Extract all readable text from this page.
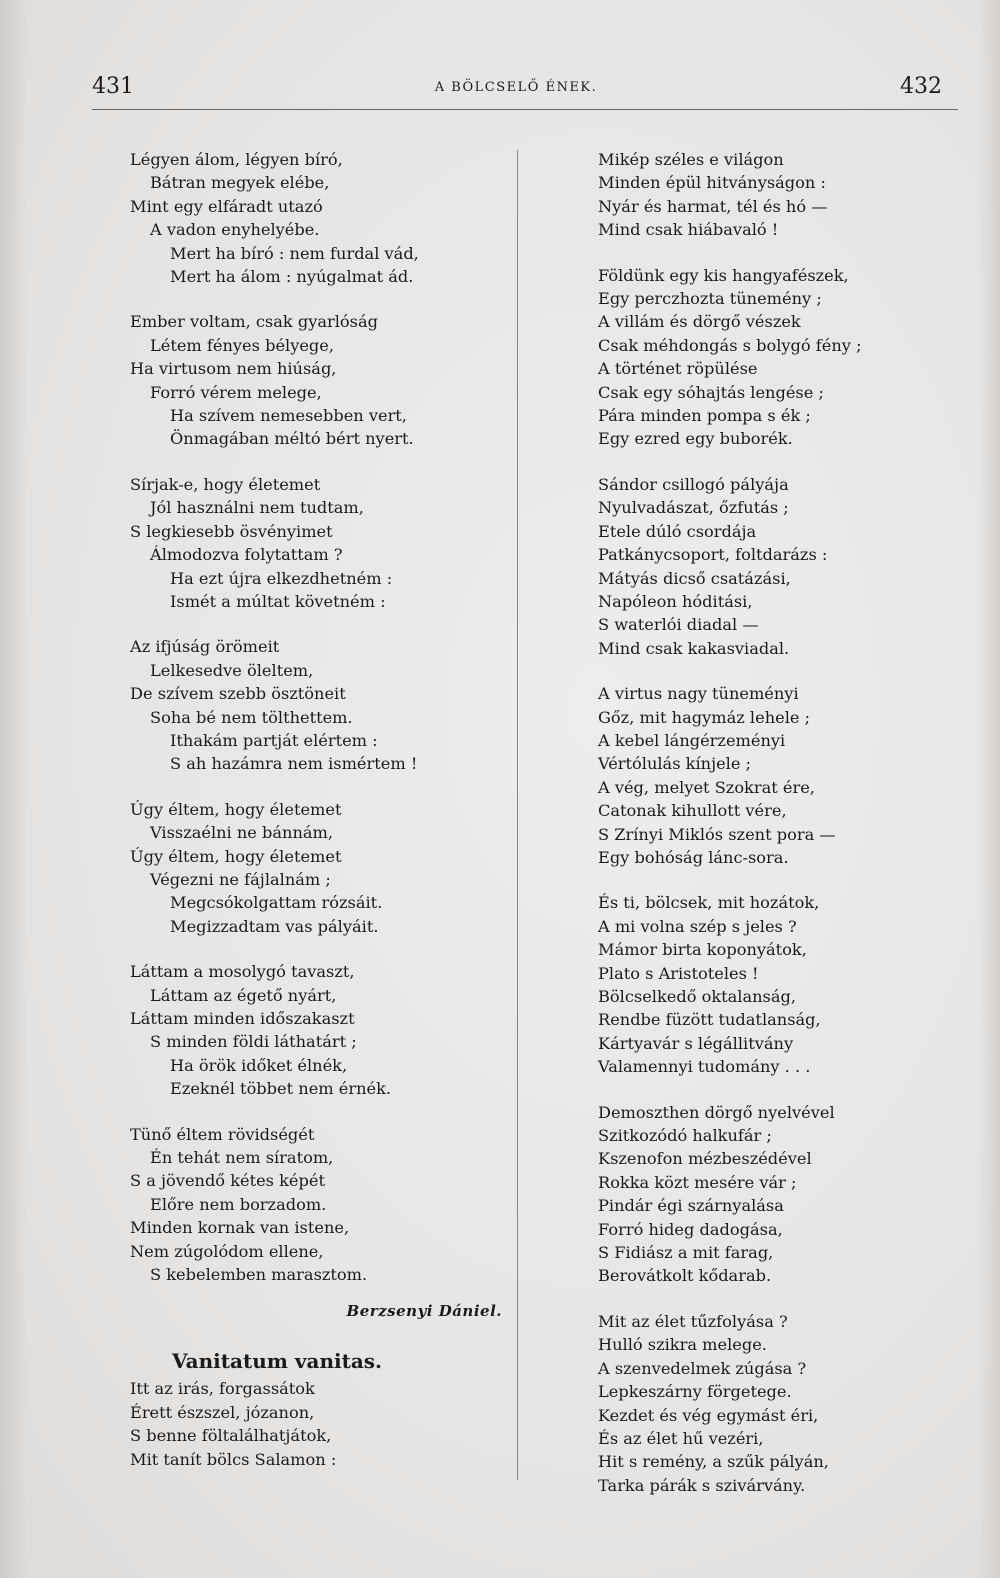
431	A BÖLCSELŐ ÉNEK.	432
Légyen álom, légyen bíró,
Bátran megyek elébe,
Mint egy elfáradt utazó
A vadon enyhelyébe.
Mert ha bíró : nem furdal vád,
Mert ha álom : nyúgalmat ád.
Ember voltam, csak gyarlóság
Létem fényes bélyege,
Ha virtusom nem hiúság,
Forró vérem melege,
Ha szívem nemesebben vert,
Önmagában méltó bért nyert.
Sírjak-e, hogy életemet
Jól használni nem tudtam,
S legkiesebb ösvényimet
Álmodozva folytattam ?
Ha ezt újra elkezdhetném :
Ismét a múltat követném :
Az ifjúság örömeit
Lelkesedve öleltem,
De szívem szebb ösztöneit
Soha bé nem tölthettem.
Ithakám partját elértem :
S ah hazámra nem ismértem !
Úgy éltem, hogy életemet
Visszaélni ne bánnám,
Úgy éltem, hogy életemet
Végezni ne fájlalnám ;
Megcsókolgattam rózsáit.
Megizzadtam vas pályáit.
Láttam a mosolygó tavaszt,
Láttam az égető nyárt,
Láttam minden időszakaszt
S minden földi láthatárt ;
Ha örök időket élnék,
Ezeknél többet nem érnék.
Tünő éltem rövidségét
Én tehát nem síratom,
S a jövendő kétes képét
Előre nem borzadom.
Minden kornak van istene,
Nem zúgolódom ellene,
S kebelemben marasztom.
Berzsenyi Dániel.
Vanitatum vanitas.
Itt az irás, forgassátok
Érett észszel, józanon,
S benne föltalálhatjátok,
Mit tanít bölcs Salamon :
Mikép széles e világon
Minden épül hitványságon :
Nyár és harmat, tél és hó —
Mind csak hiábavaló !
Földünk egy kis hangyafészek,
Egy perczhozta tünemény ;
A villám és dörgő vészek
Csak méhdongás s bolygó fény ;
A történet röpülése
Csak egy sóhajtás lengése ;
Pára minden pompa s ék ;
Egy ezred egy buborék.
Sándor csillogó pályája
Nyulvadászat, őzfutás ;
Etele dúló csordája
Patkánycsoport, foltdarázs :
Mátyás dicső csatázási,
Napóleon hóditási,
S waterlói diadal —
Mind csak kakasviadal.
A virtus nagy tüneményi
Gőz, mit hagymáz lehele ;
A kebel lángérzeményi
Vértólulás kínjele ;
A vég, melyet Szokrat ére,
Catonak kihullott vére,
S Zrínyi Miklós szent pora —
Egy bohóság lánc-sora.
És ti, bölcsek, mit hozátok,
A mi volna szép s jeles ?
Mámor birta koponyátok,
Plato s Aristoteles !
Bölcselkedő oktalanság,
Rendbe füzött tudatlanság,
Kártyavár s légállitvány
Valamennyi tudomány . . .
Demoszthen dörgő nyelvével
Szitkozódó halkufár ;
Kszenofon mézbeszédével
Rokka közt mesére vár ;
Pindár égi szárnyalása
Forró hideg dadogása,
S Fidiász a mit farag,
Berovátkolt kődarab.
Mit az élet tűzfolyása ?
Hulló szikra melege.
A szenvedelmek zúgása ?
Lepkeszárny förgetege.
Kezdet és vég egymást éri,
És az élet hű vezéri,
Hit s remény, a szűk pályán,
Tarka párák s szivárvány.
